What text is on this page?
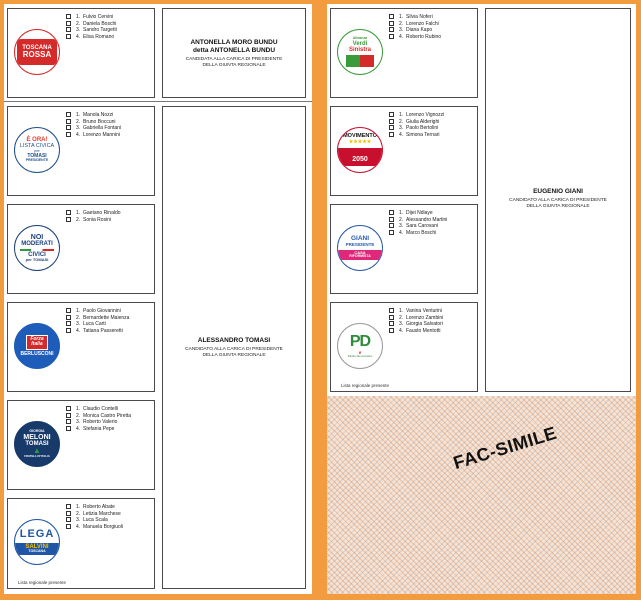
FAC-SIMILE
TOSCANA
ROSSA
1. Fulvio Cervini
2. Daniela Boschi
3. Sandro Targetti
4. Elisa Romano
ANTONELLA MORO BUNDU
detta ANTONELLA BUNDU
CANDIDATA ALLA CARICA DI PRESIDENTE
DELLA GIUNTA REGIONALE
È ORA!
LISTA CIVICA
per
TOMASI
PRESIDENTE
1. Manola Nozzi
2. Bruno Boccuni
3. Gabriella Fontani
4. Lorenzo Mannini
NOI
MODERATI
CIVICI
per TOMASI
1. Gaetano Rinaldo
2. Sonia Rosini
Forza
Italia
BERLUSCONI
1. Paolo Giovannini
2. Bernardette Maienza
3. Luca Carti
4. Tatiana Passeretti
GIORGIA
MELONI
TOMASI
▲
FRATELLI D'ITALIA
1. Claudio Contelli
2. Monica Castro Piretta
3. Roberto Valerio
4. Stefania Pepe
LEGA
SALVINI
TOSCANA
1. Roberto Abate
2. Letizia Marchese
3. Luca Scala
4. Manuela Borgiuoli
Lista regionale presente
ALESSANDRO TOMASI
CANDIDATO ALLA CARICA DI PRESIDENTE
DELLA GIUNTA REGIONALE
Alleanza
Verdi
Sinistra
1. Silvia Noferi
2. Lorenzo Falchi
3. Diana Kapo
4. Roberto Rubino
MOVIMENTO
★★★★★
2050
1. Lorenzo Vignozzi
2. Giulia Alderighi
3. Paolo Bertolini
4. Simona Ternari
GIANI
PRESIDENTE
CASA
RIFORMISTA
1. Dijei Ndiaye
2. Alessandro Martini
3. Sara Carovani
4. Marco Boschi
PD
❦
Partito Democratico
1. Vanina Venturini
2. Lorenzo Zambini
3. Giorgia Salvatori
4. Fausto Mentotti
Lista regionale presente
EUGENIO GIANI
CANDIDATO ALLA CARICA DI PRESIDENTE
DELLA GIUNTA REGIONALE
